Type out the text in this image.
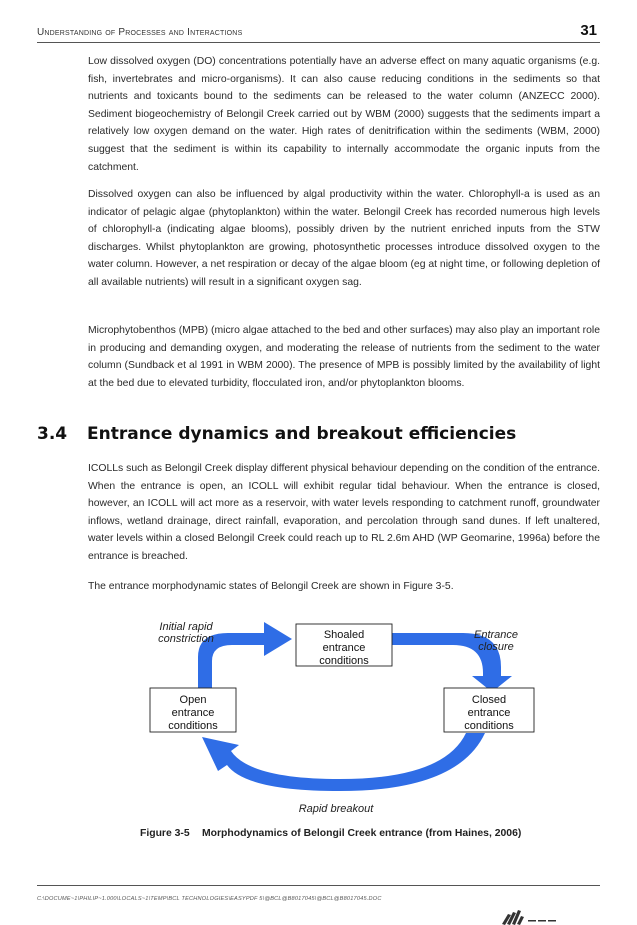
Understanding of Processes and Interactions	31

Low dissolved oxygen (DO) concentrations potentially have an adverse effect on many aquatic organisms (e.g. fish, invertebrates and micro-organisms). It can also cause reducing conditions in the sediments so that nutrients and toxicants bound to the sediments can be released to the water column (ANZECC 2000). Sediment biogeochemistry of Belongil Creek carried out by WBM (2000) suggests that the sediments impart a relatively low oxygen demand on the water. High rates of denitrification within the sediments (WBM, 2000) suggest that the sediment is within its capability to internally accommodate the organic inputs from the catchment.

Dissolved oxygen can also be influenced by algal productivity within the water. Chlorophyll-a is used as an indicator of pelagic algae (phytoplankton) within the water. Belongil Creek has recorded numerous high levels of chlorophyll-a (indicating algae blooms), possibly driven by the nutrient enriched inputs from the STW discharges. Whilst phytoplankton are growing, photosynthetic processes introduce dissolved oxygen to the water column. However, a net respiration or decay of the algae bloom (eg at night time, or following depletion of all available nutrients) will result in a significant oxygen sag.

Microphytobenthos (MPB) (micro algae attached to the bed and other surfaces) may also play an important role in producing and demanding oxygen, and moderating the release of nutrients from the sediment to the water column (Sundback et al 1991 in WBM 2000). The presence of MPB is possibly limited by the availability of light at the bed due to elevated turbidity, flocculated iron, and/or phytoplankton blooms.

3.4 Entrance dynamics and breakout efficiencies

ICOLLs such as Belongil Creek display different physical behaviour depending on the condition of the entrance. When the entrance is open, an ICOLL will exhibit regular tidal behaviour. When the entrance is closed, however, an ICOLL will act more as a reservoir, with water levels responding to catchment runoff, groundwater inflows, wetland drainage, direct rainfall, evaporation, and percolation through sand dunes. If left unaltered, water levels within a closed Belongil Creek could reach up to RL 2.6m AHD (WP Geomarine, 1996a) before the entrance is breached.

The entrance morphodynamic states of Belongil Creek are shown in Figure 3-5.

Shoaled
entrance
conditions
Open
entrance
conditions
Closed
entrance
conditions
Initial rapid
constriction	Entrance
closure
Rapid breakout
Figure 3-5 Morphodynamics of Belongil Creek entrance (from Haines, 2006)
C:\DOCUME~1\PHILIP~1.000\LOCALS~1\TEMP\BCL TECHNOLOGIES\EASYPDF 5\@BCL@B8017045\@BCL@B8017045.DOC
